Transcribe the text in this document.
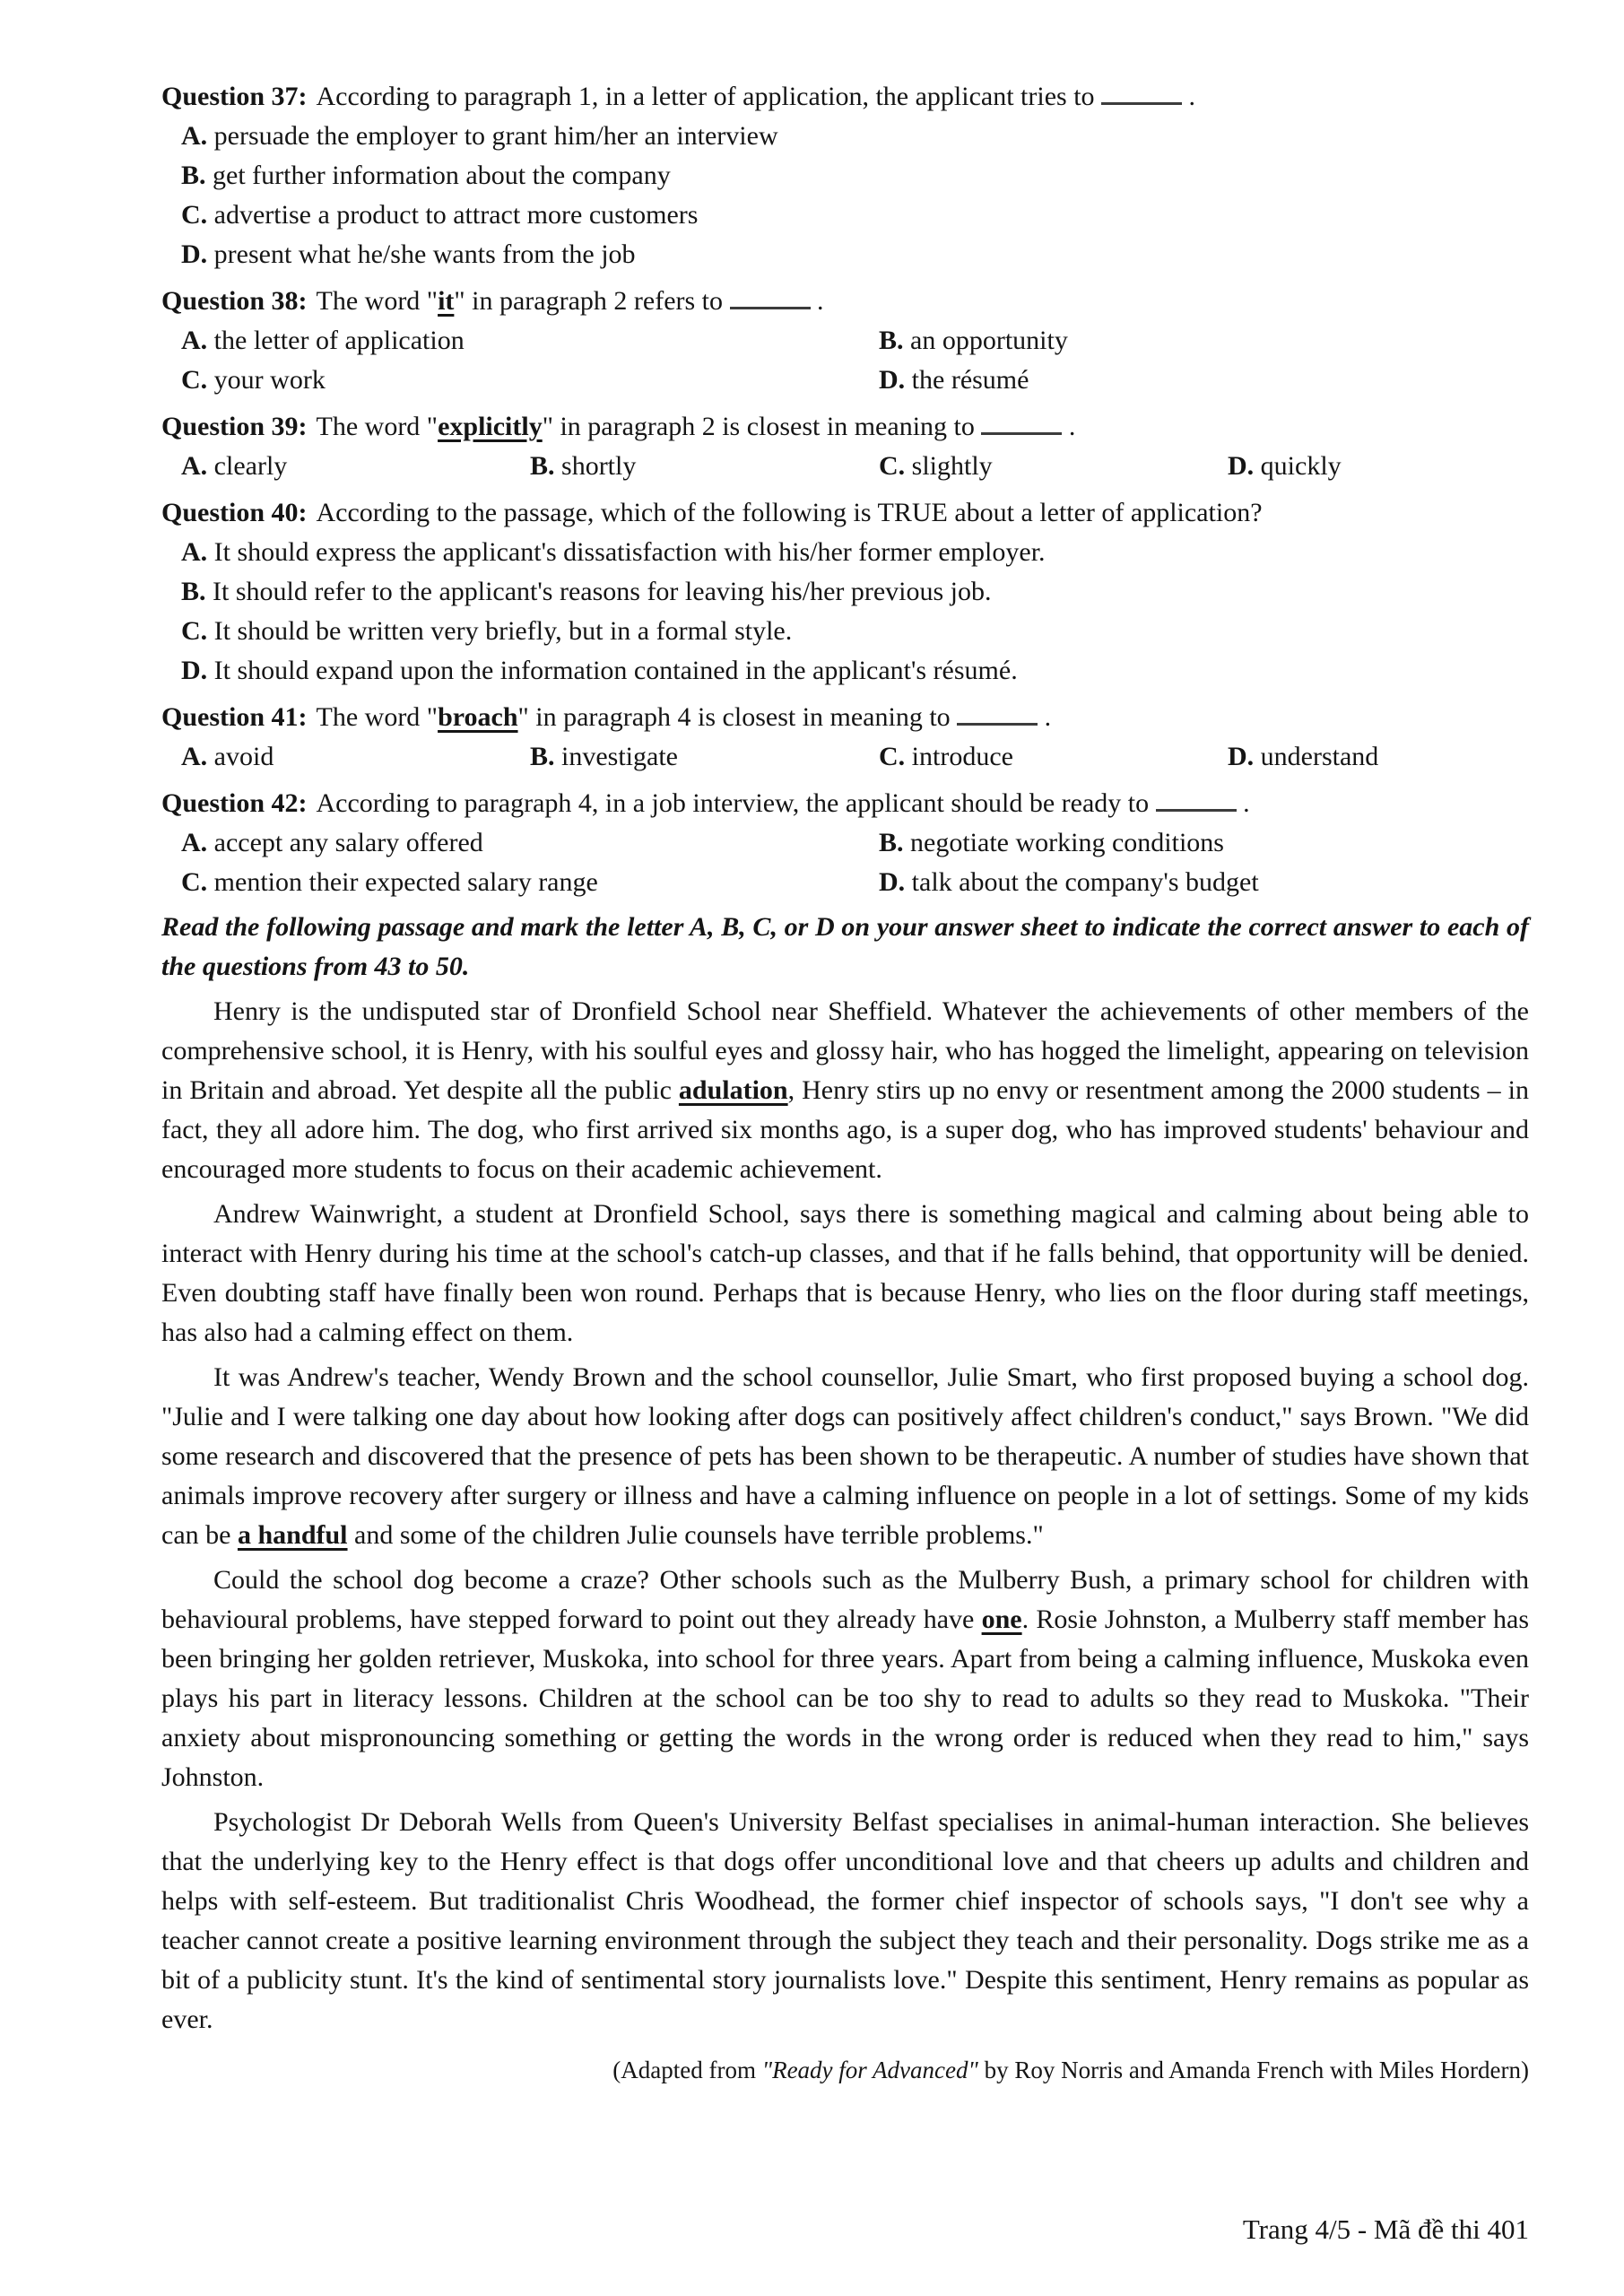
Question 37: According to paragraph 1, in a letter of application, the applicant tries to	.
A. persuade the employer to grant him/her an interview
B. get further information about the company
C. advertise a product to attract more customers
D. present what he/she wants from the job
Question 38: The word "it" in paragraph 2 refers to	.
A. the letter of application	B. an opportunity
C. your work	D. the résumé
Question 39: The word "explicitly" in paragraph 2 is closest in meaning to	.
A. clearly	B. shortly	C. slightly	D. quickly
Question 40: According to the passage, which of the following is TRUE about a letter of application?
A. It should express the applicant's dissatisfaction with his/her former employer.
B. It should refer to the applicant's reasons for leaving his/her previous job.
C. It should be written very briefly, but in a formal style.
D. It should expand upon the information contained in the applicant's résumé.
Question 41: The word "broach" in paragraph 4 is closest in meaning to	.
A. avoid	B. investigate	C. introduce	D. understand
Question 42: According to paragraph 4, in a job interview, the applicant should be ready to	.
A. accept any salary offered	B. negotiate working conditions
C. mention their expected salary range	D. talk about the company's budget
Read the following passage and mark the letter A, B, C, or D on your answer sheet to indicate the correct answer to each of the questions from 43 to 50.

Henry is the undisputed star of Dronfield School near Sheffield. Whatever the achievements of other members of the comprehensive school, it is Henry, with his soulful eyes and glossy hair, who has hogged the limelight, appearing on television in Britain and abroad. Yet despite all the public adulation, Henry stirs up no envy or resentment among the 2000 students – in fact, they all adore him. The dog, who first arrived six months ago, is a super dog, who has improved students' behaviour and encouraged more students to focus on their academic achievement.

Andrew Wainwright, a student at Dronfield School, says there is something magical and calming about being able to interact with Henry during his time at the school's catch-up classes, and that if he falls behind, that opportunity will be denied. Even doubting staff have finally been won round. Perhaps that is because Henry, who lies on the floor during staff meetings, has also had a calming effect on them.

It was Andrew's teacher, Wendy Brown and the school counsellor, Julie Smart, who first proposed buying a school dog. "Julie and I were talking one day about how looking after dogs can positively affect children's conduct," says Brown. "We did some research and discovered that the presence of pets has been shown to be therapeutic. A number of studies have shown that animals improve recovery after surgery or illness and have a calming influence on people in a lot of settings. Some of my kids can be a handful and some of the children Julie counsels have terrible problems."

Could the school dog become a craze? Other schools such as the Mulberry Bush, a primary school for children with behavioural problems, have stepped forward to point out they already have one. Rosie Johnston, a Mulberry staff member has been bringing her golden retriever, Muskoka, into school for three years. Apart from being a calming influence, Muskoka even plays his part in literacy lessons. Children at the school can be too shy to read to adults so they read to Muskoka. "Their anxiety about mispronouncing something or getting the words in the wrong order is reduced when they read to him," says Johnston.

Psychologist Dr Deborah Wells from Queen's University Belfast specialises in animal-human interaction. She believes that the underlying key to the Henry effect is that dogs offer unconditional love and that cheers up adults and children and helps with self-esteem. But traditionalist Chris Woodhead, the former chief inspector of schools says, "I don't see why a teacher cannot create a positive learning environment through the subject they teach and their personality. Dogs strike me as a bit of a publicity stunt. It's the kind of sentimental story journalists love." Despite this sentiment, Henry remains as popular as ever.

(Adapted from "Ready for Advanced" by Roy Norris and Amanda French with Miles Hordern)
Trang 4/5 - Mã đề thi 401
